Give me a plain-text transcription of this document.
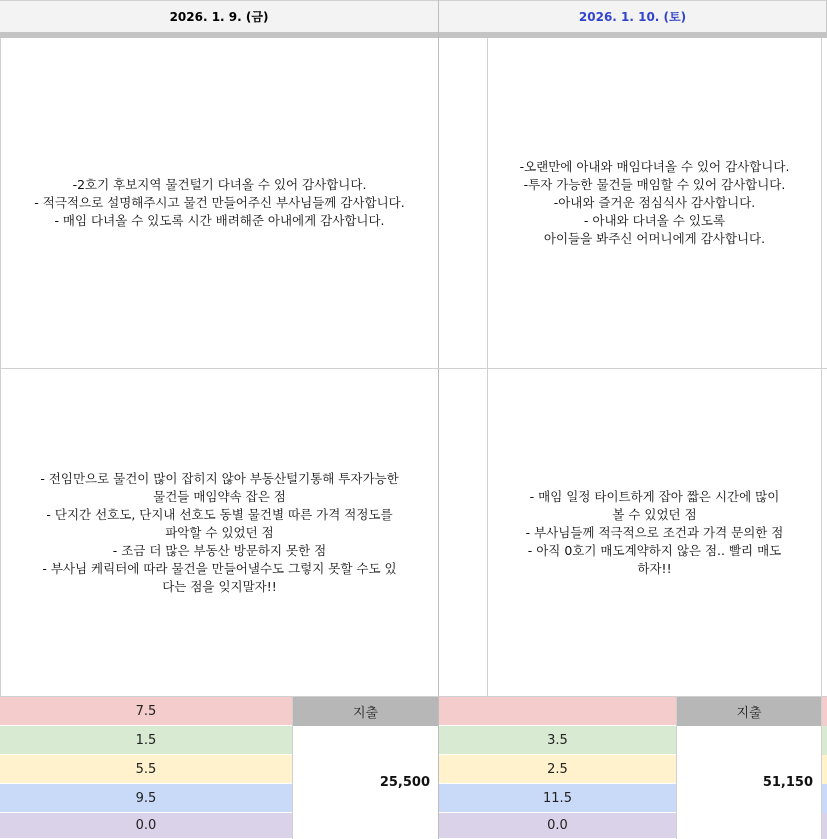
2026. 1. 9. (금)	2026. 1. 10. (토)
-2호기 후보지역 물건털기 다녀올 수 있어 감사합니다.
- 적극적으로 설명해주시고 물건 만들어주신 부사님들께 감사합니다.
- 매임 다녀올 수 있도록 시간 배려해준 아내에게 감사합니다.
-오랜만에 아내와 매임다녀올 수 있어 감사합니다.
-투자 가능한 물건들 매임할 수 있어 감사합니다.
-아내와 즐거운 점심식사 감사합니다.
- 아내와 다녀올 수 있도록
아이들을 봐주신 어머니에게 감사합니다.
- 전임만으로 물건이 많이 잡히지 않아 부동산털기통해 투자가능한
물건들 매임약속 잡은 점
- 단지간 선호도, 단지내 선호도 동별 물건별 따른 가격 적정도를
파악할 수 있었던 점
- 조금 더 많은 부동산 방문하지 못한 점
- 부사님 케릭터에 따라 물건을 만들어낼수도 그렇지 못할 수도 있
다는 점을 잊지말자!!
- 매임 일정 타이트하게 잡아 짧은 시간에 많이
볼 수 있었던 점
- 부사님들께 적극적으로 조건과 가격 문의한 점
- 아직 0호기 매도계약하지 않은 점.. 빨리 매도
하자!!
7.5	지출
1.5
5.5
9.5
0.0
25,500
지출
3.5
2.5
11.5
0.0
51,150
